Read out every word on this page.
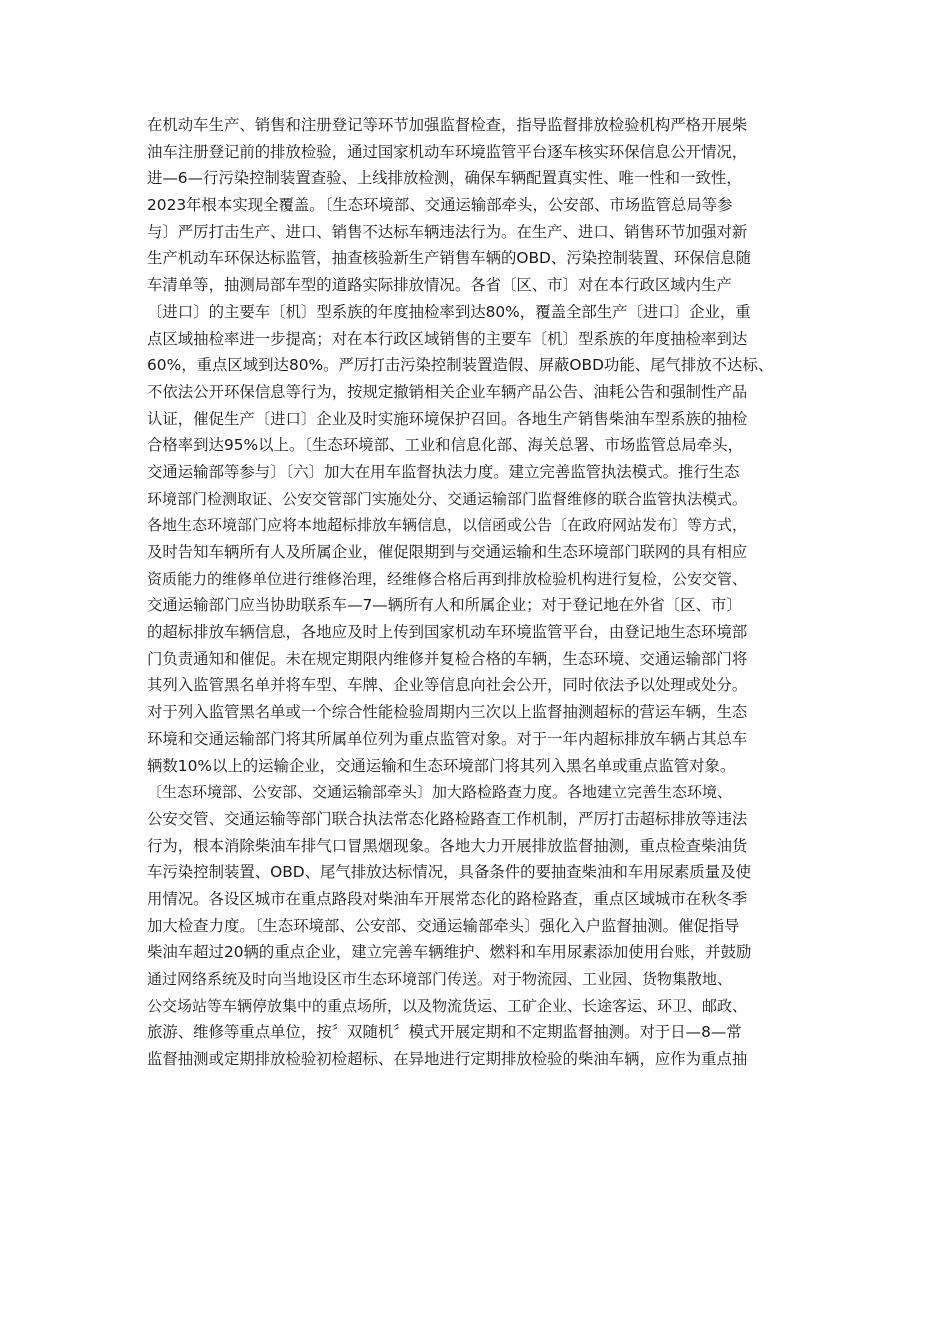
在机动车生产、销售和注册登记等环节加强监督检查，指导监督排放检验机构严格开展柴
油车注册登记前的排放检验，通过国家机动车环境监管平台逐车核实环保信息公开情况，
进—6—行污染控制装置查验、上线排放检测，确保车辆配置真实性、唯一性和一致性，
2023年根本实现全覆盖。〔生态环境部、交通运输部牵头，公安部、市场监管总局等参
与〕严厉打击生产、进口、销售不达标车辆违法行为。在生产、进口、销售环节加强对新
生产机动车环保达标监管，抽查核验新生产销售车辆的OBD、污染控制装置、环保信息随
车清单等，抽测局部车型的道路实际排放情况。各省〔区、市〕对在本行政区域内生产
〔进口〕的主要车〔机〕型系族的年度抽检率到达80%，覆盖全部生产〔进口〕企业，重
点区域抽检率进一步提高；对在本行政区域销售的主要车〔机〕型系族的年度抽检率到达
60%，重点区域到达80%。严厉打击污染控制装置造假、屏蔽OBD功能、尾气排放不达标、
不依法公开环保信息等行为，按规定撤销相关企业车辆产品公告、油耗公告和强制性产品
认证，催促生产〔进口〕企业及时实施环境保护召回。各地生产销售柴油车型系族的抽检
合格率到达95%以上。〔生态环境部、工业和信息化部、海关总署、市场监管总局牵头，
交通运输部等参与〕〔六〕加大在用车监督执法力度。建立完善监管执法模式。推行生态
环境部门检测取证、公安交管部门实施处分、交通运输部门监督维修的联合监管执法模式。
各地生态环境部门应将本地超标排放车辆信息，以信函或公告〔在政府网站发布〕等方式，
及时告知车辆所有人及所属企业，催促限期到与交通运输和生态环境部门联网的具有相应
资质能力的维修单位进行维修治理，经维修合格后再到排放检验机构进行复检，公安交管、
交通运输部门应当协助联系车—7—辆所有人和所属企业；对于登记地在外省〔区、市〕
的超标排放车辆信息，各地应及时上传到国家机动车环境监管平台，由登记地生态环境部
门负责通知和催促。未在规定期限内维修并复检合格的车辆，生态环境、交通运输部门将
其列入监管黑名单并将车型、车牌、企业等信息向社会公开，同时依法予以处理或处分。
对于列入监管黑名单或一个综合性能检验周期内三次以上监督抽测超标的营运车辆，生态
环境和交通运输部门将其所属单位列为重点监管对象。对于一年内超标排放车辆占其总车
辆数10%以上的运输企业，交通运输和生态环境部门将其列入黑名单或重点监管对象。
〔生态环境部、公安部、交通运输部牵头〕加大路检路查力度。各地建立完善生态环境、
公安交管、交通运输等部门联合执法常态化路检路查工作机制，严厉打击超标排放等违法
行为，根本消除柴油车排气口冒黑烟现象。各地大力开展排放监督抽测，重点检查柴油货
车污染控制装置、OBD、尾气排放达标情况，具备条件的要抽查柴油和车用尿素质量及使
用情况。各设区城市在重点路段对柴油车开展常态化的路检路查，重点区域城市在秋冬季
加大检查力度。〔生态环境部、公安部、交通运输部牵头〕强化入户监督抽测。催促指导
柴油车超过20辆的重点企业，建立完善车辆维护、燃料和车用尿素添加使用台账，并鼓励
通过网络系统及时向当地设区市生态环境部门传送。对于物流园、工业园、货物集散地、
公交场站等车辆停放集中的重点场所，以及物流货运、工矿企业、长途客运、环卫、邮政、
旅游、维修等重点单位，按〞双随机〞模式开展定期和不定期监督抽测。对于日—8—常
监督抽测或定期排放检验初检超标、在异地进行定期排放检验的柴油车辆，应作为重点抽
